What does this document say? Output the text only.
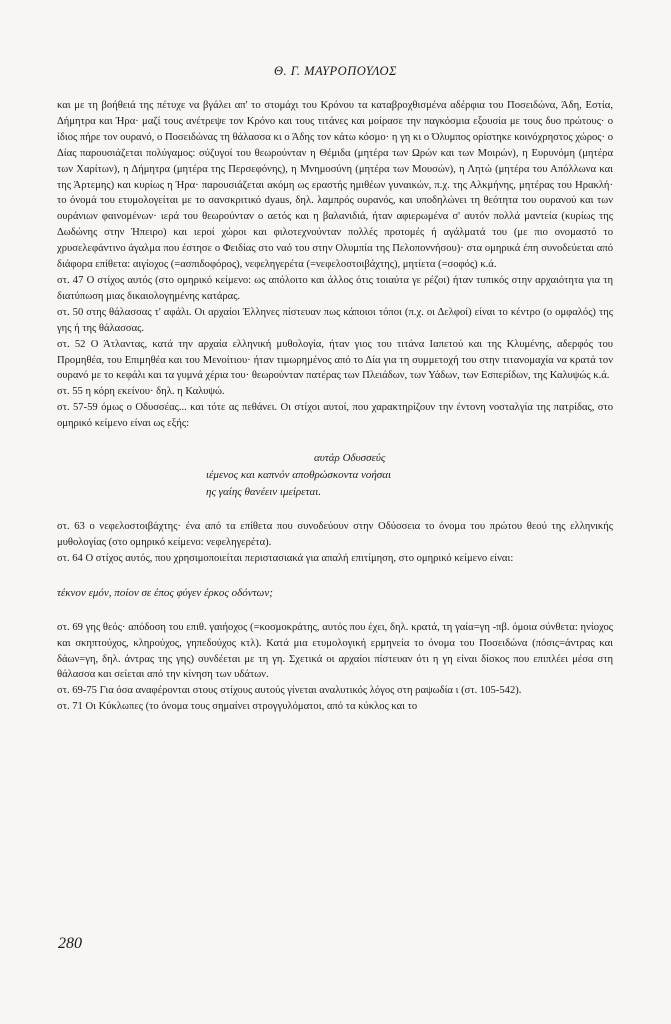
Θ. Γ. ΜΑΥΡΟΠΟΥΛΟΣ

και με τη βοήθειά της πέτυχε να βγάλει απ' το στομάχι του Κρόνου τα καταβροχθισμένα αδέρφια του Ποσειδώνα, Άδη, Εστία, Δήμητρα και Ήρα· μαζί τους ανέτρεψε τον Κρόνο και τους τιτάνες και μοίρασε την παγκόσμια εξουσία με τους δυο πρώτους· ο ίδιος πήρε τον ουρανό, ο Ποσειδώνας τη θάλασσα κι ο Άδης τον κάτω κόσμο· η γη κι ο Όλυμπος ορίστηκε κοινόχρηστος χώρος· ο Δίας παρουσιάζεται πολύγαμος: σύζυγοί του θεωρούνταν η Θέμιδα (μητέρα των Ωρών και των Μοιρών), η Ευρυνόμη (μητέρα των Χαρίτων), η Δήμητρα (μητέρα της Περσεφόνης), η Μνημοσύνη (μητέρα των Μουσών), η Λητώ (μητέρα του Απόλλωνα και της Άρτεμης) και κυρίως η Ήρα· παρουσιάζεται ακόμη ως εραστής ημιθέων γυναικών, π.χ. της Αλκμήνης, μητέρας του Ηρακλή· το όνομά του ετυμολογείται με το σανσκριτικό dyaus, δηλ. λαμπρός ουρανός, και υποδηλώνει τη θεότητα του ουρανού και των ουράνιων φαινομένων· ιερά του θεωρούνταν ο αετός και η βαλανιδιά, ήταν αφιερωμένα σ' αυτόν πολλά μαντεία (κυρίως της Δωδώνης στην Ήπειρο) και ιεροί χώροι και φιλοτεχνούνταν πολλές προτομές ή αγάλματά του (με πιο ονομαστό το χρυσελεφάντινο άγαλμα που έστησε ο Φειδίας στο ναό του στην Ολυμπία της Πελοποννήσου)· στα ομηρικά έπη συνοδεύεται από διάφορα επίθετα: αιγίοχος (=ασπιδοφόρος), νεφεληγερέτα (=νεφελοστοιβάχτης), μητίετα (=σοφός) κ.ά.

στ. 47 Ο στίχος αυτός (στο ομηρικό κείμενο: ως απόλοιτο και άλλος ότις τοιαύτα γε ρέζοι) ήταν τυπικός στην αρχαιότητα για τη διατύπωση μιας δικαιολογημένης κατάρας.

στ. 50 στης θάλασσας τ' αφάλι. Οι αρχαίοι Έλληνες πίστευαν πως κάποιοι τόποι (π.χ. οι Δελφοί) είναι το κέντρο (ο ομφαλός) της γης ή της θάλασσας.

στ. 52 Ο Άτλαντας, κατά την αρχαία ελληνική μυθολογία, ήταν γιος του τιτάνα Ιαπετού και της Κλυμένης, αδερφός του Προμηθέα, του Επιμηθέα και του Μενοίτιου· ήταν τιμωρημένος από το Δία για τη συμμετοχή του στην τιτανομαχία να κρατά τον ουρανό με το κεφάλι και τα γυμνά χέρια του· θεωρούνταν πατέρας των Πλειάδων, των Υάδων, των Εσπερίδων, της Καλυψώς κ.ά.

στ. 55 η κόρη εκείνου· δηλ. η Καλυψώ.

στ. 57-59 όμως ο Οδυσσέας... και τότε ας πεθάνει. Οι στίχοι αυτοί, που χαρακτηρίζουν την έντονη νοσταλγία της πατρίδας, στο ομηρικό κείμενο είναι ως εξής:

αυτάρ Οδυσσεύς

ιέμενος και καπνόν αποθρώσκοντα νοήσαι

ης γαίης θανέειν ιμείρεται.

στ. 63 ο νεφελοστοιβάχτης· ένα από τα επίθετα που συνοδεύουν στην Οδύσσεια το όνομα του πρώτου θεού της ελληνικής μυθολογίας (στο ομηρικό κείμενο: νεφεληγερέτα).

στ. 64 Ο στίχος αυτός, που χρησιμοποιείται περιστασιακά για απαλή επιτίμηση, στο ομηρικό κείμενο είναι:

τέκνον εμόν, ποίον σε έπος φύγεν έρκος οδόντων;

στ. 69 γης θεός· απόδοση του επιθ. γαιήοχος (=κοσμοκράτης, αυτός που έχει, δηλ. κρατά, τη γαία=γη -πβ. όμοια σύνθετα: ηνίοχος και σκηπτούχος, κληρούχος, γηπεδούχος κτλ). Κατά μια ετυμολογική ερμηνεία το όνομα του Ποσειδώνα (πόσις=άντρας και δάων=γη, δηλ. άντρας της γης) συνδέεται με τη γη. Σχετικά οι αρχαίοι πίστευαν ότι η γη είναι δίσκος που επιπλέει μέσα στη θάλασσα και σείεται από την κίνηση των υδάτων.

στ. 69-75 Για όσα αναφέρονται στους στίχους αυτούς γίνεται αναλυτικός λόγος στη ραψωδία ι (στ. 105-542).

στ. 71 Οι Κύκλωπες (το όνομα τους σημαίνει στρογγυλόματοι, από τα κύκλος και το

280
